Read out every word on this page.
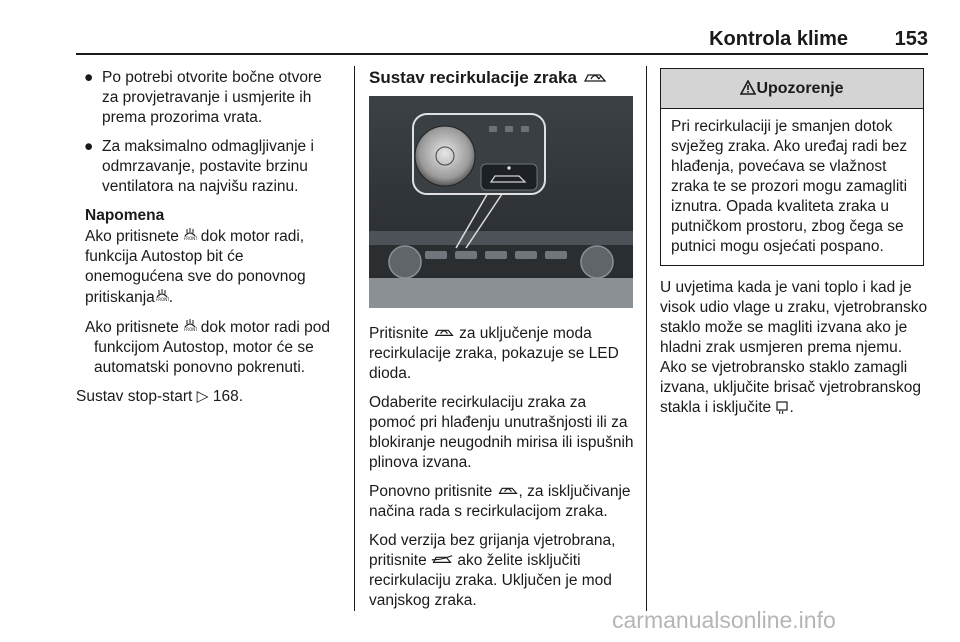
Kontrola klime 153
● Po potrebi otvorite bočne otvore za provjetravanje i usmjerite ih prema prozorima vrata.
● Za maksimalno odmagljivanje i odmrzavanje, postavite brzinu ventilatora na najvišu razinu.
Napomena

Ako pritisnete FRONT dok motor radi, funkcija Autostop bit će onemogućena sve do ponovnog pritiskanja FRONT .

Ako pritisnete FRONT dok motor radi pod funkcijom Autostop, motor će se automatski ponovno pokrenuti.

Sustav stop-start ▷ 168.

Sustav recirkulacije zraka

Pritisnite za uključenje moda recirkulacije zraka, pokazuje se LED dioda.

Odaberite recirkulaciju zraka za pomoć pri hlađenju unutrašnjosti ili za blokiranje neugodnih mirisa ili ispušnih plinova izvana.

Ponovno pritisnite , za isključivanje načina rada s recirkulacijom zraka.

Kod verzija bez grijanja vjetrobrana, pritisnite ako želite isključiti recirkulaciju zraka. Uključen je mod vanjskog zraka.

Upozorenje
Pri recirkulaciji je smanjen dotok svježeg zraka. Ako uređaj radi bez hlađenja, povećava se vlažnost zraka te se prozori mogu zamagliti iznutra. Opada kvaliteta zraka u putničkom prostoru, zbog čega se putnici mogu osjećati pospano.

U uvjetima kada je vani toplo i kad je visok udio vlage u zraku, vjetrobransko staklo može se magliti izvana ako je hladni zrak usmjeren prema njemu. Ako se vjetrobransko staklo zamagli izvana, uključite brisač vjetrobranskog stakla i isključite .

carmanualsonline.info
